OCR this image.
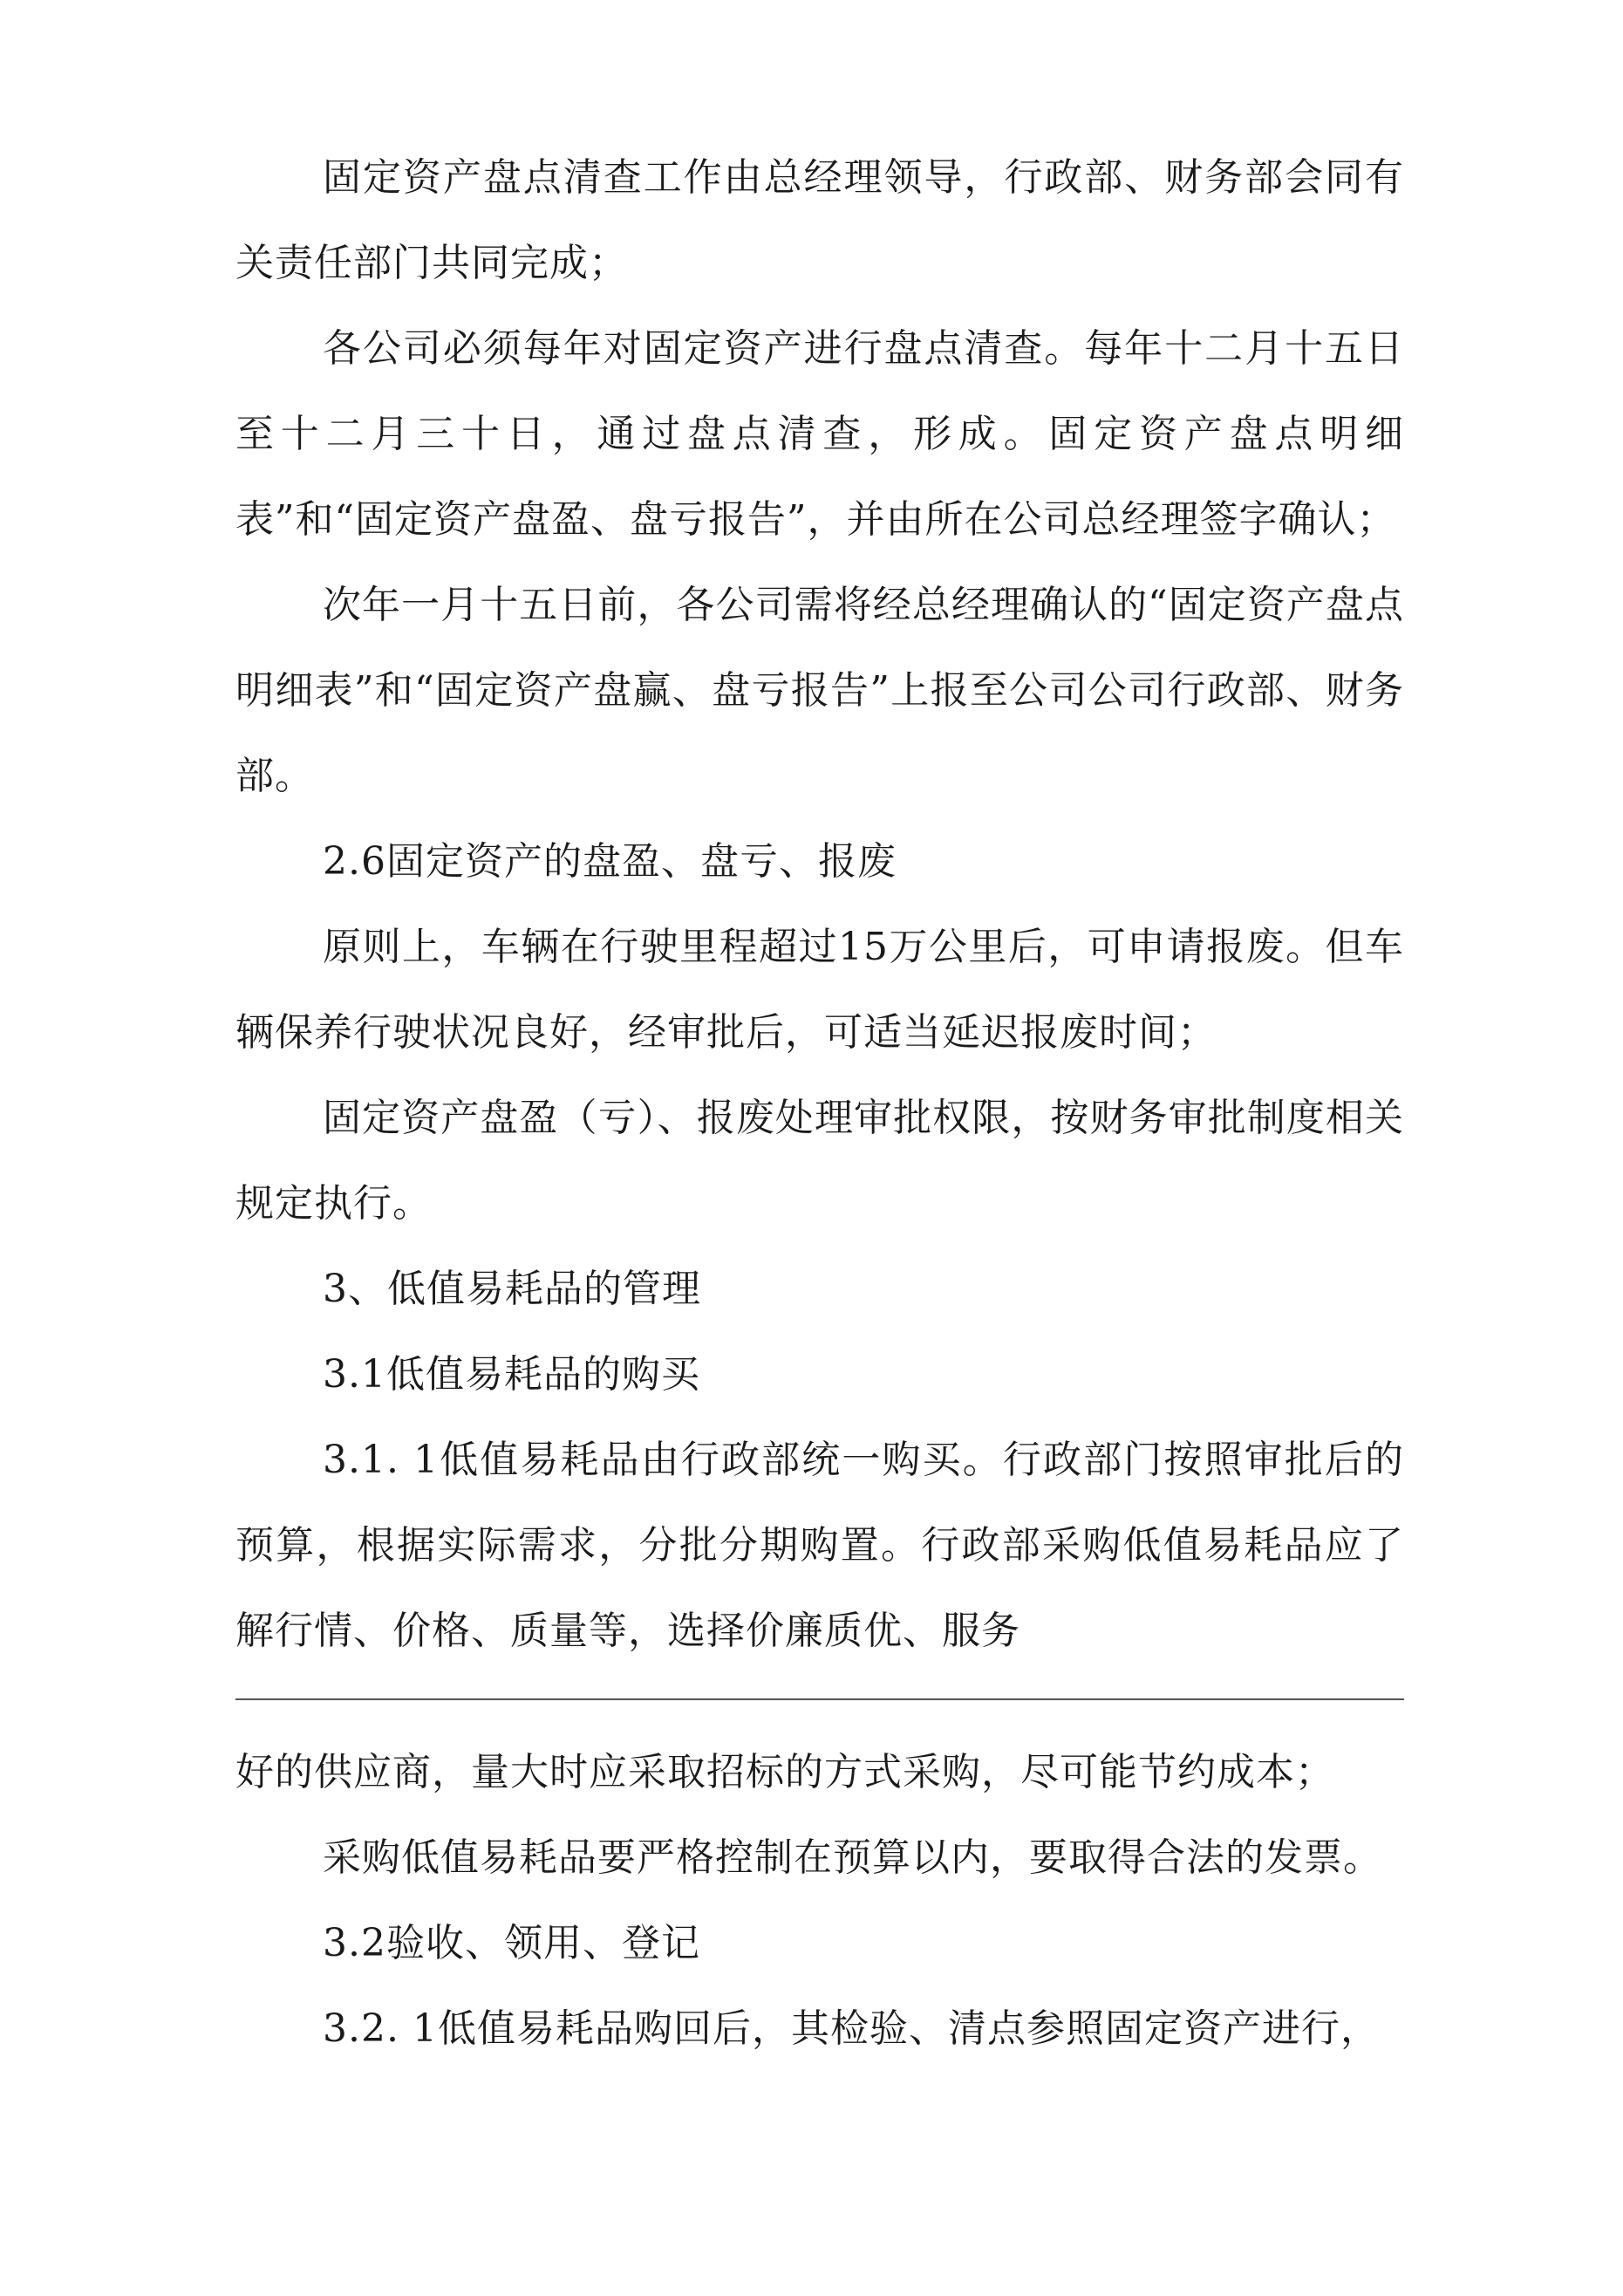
固定资产盘点清查工作由总经理领导，行政部、财务部会同有关责任部门共同完成；

各公司必须每年对固定资产进行盘点清查。每年十二月十五日至十二月三十日，通过盘点清查，形成。固定资产盘点明细表”和“固定资产盘盈、盘亏报告”，并由所在公司总经理签字确认；

次年一月十五日前，各公司需将经总经理确认的“固定资产盘点明细表”和“固定资产盘赢、盘亏报告”上报至公司公司行政部、财务部。

2.6固定资产的盘盈、盘亏、报废

原则上，车辆在行驶里程超过15万公里后，可申请报废。但车辆保养行驶状况良好，经审批后，可适当延迟报废时间；

固定资产盘盈（亏）、报废处理审批权限，按财务审批制度相关规定执行。

3、低值易耗品的管理

3.1低值易耗品的购买

3.1. 1低值易耗品由行政部统一购买。行政部门按照审批后的预算，根据实际需求，分批分期购置。行政部采购低值易耗品应了解行情、价格、质量等，选择价廉质优、服务

好的供应商，量大时应采取招标的方式采购，尽可能节约成本；

采购低值易耗品要严格控制在预算以内，要取得合法的发票。

3.2验收、领用、登记

3.2. 1低值易耗品购回后，其检验、清点参照固定资产进行，
